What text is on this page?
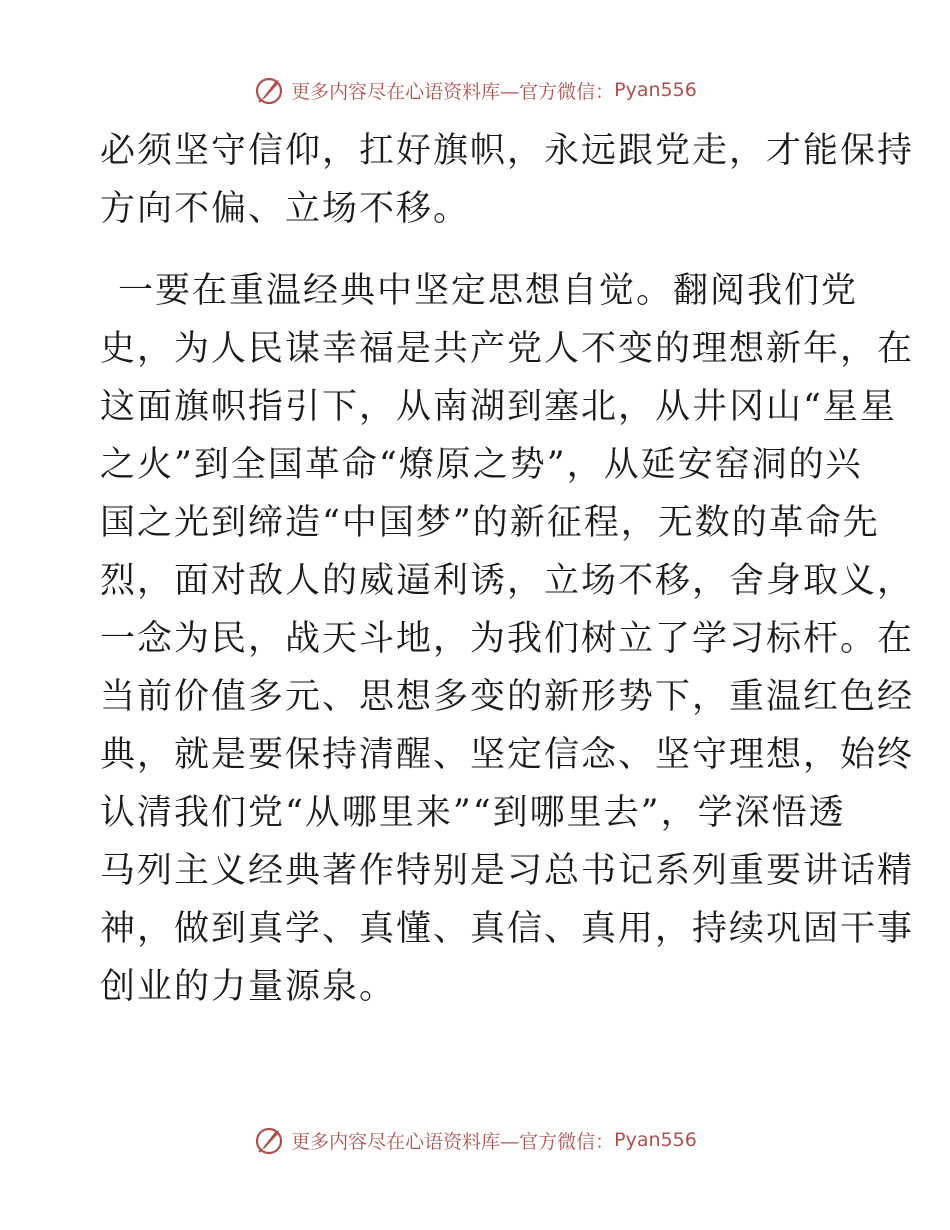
更多内容尽在心语资料库—官方微信： Pyan556

必须坚守信仰，扛好旗帜，永远跟党走，才能保持
方向不偏、立场不移。

一要在重温经典中坚定思想自觉。翻阅我们党
史，为人民谋幸福是共产党人不变的理想新年，在
这面旗帜指引下，从南湖到塞北，从井冈山“星星
之火”到全国革命“燎原之势”，从延安窑洞的兴
国之光到缔造“中国梦”的新征程，无数的革命先
烈，面对敌人的威逼利诱，立场不移，舍身取义，
一念为民，战天斗地，为我们树立了学习标杆。在
当前价值多元、思想多变的新形势下，重温红色经
典，就是要保持清醒、坚定信念、坚守理想，始终
认清我们党“从哪里来”“到哪里去”，学深悟透
马列主义经典著作特别是习总书记系列重要讲话精
神，做到真学、真懂、真信、真用，持续巩固干事
创业的力量源泉。

更多内容尽在心语资料库—官方微信： Pyan556
